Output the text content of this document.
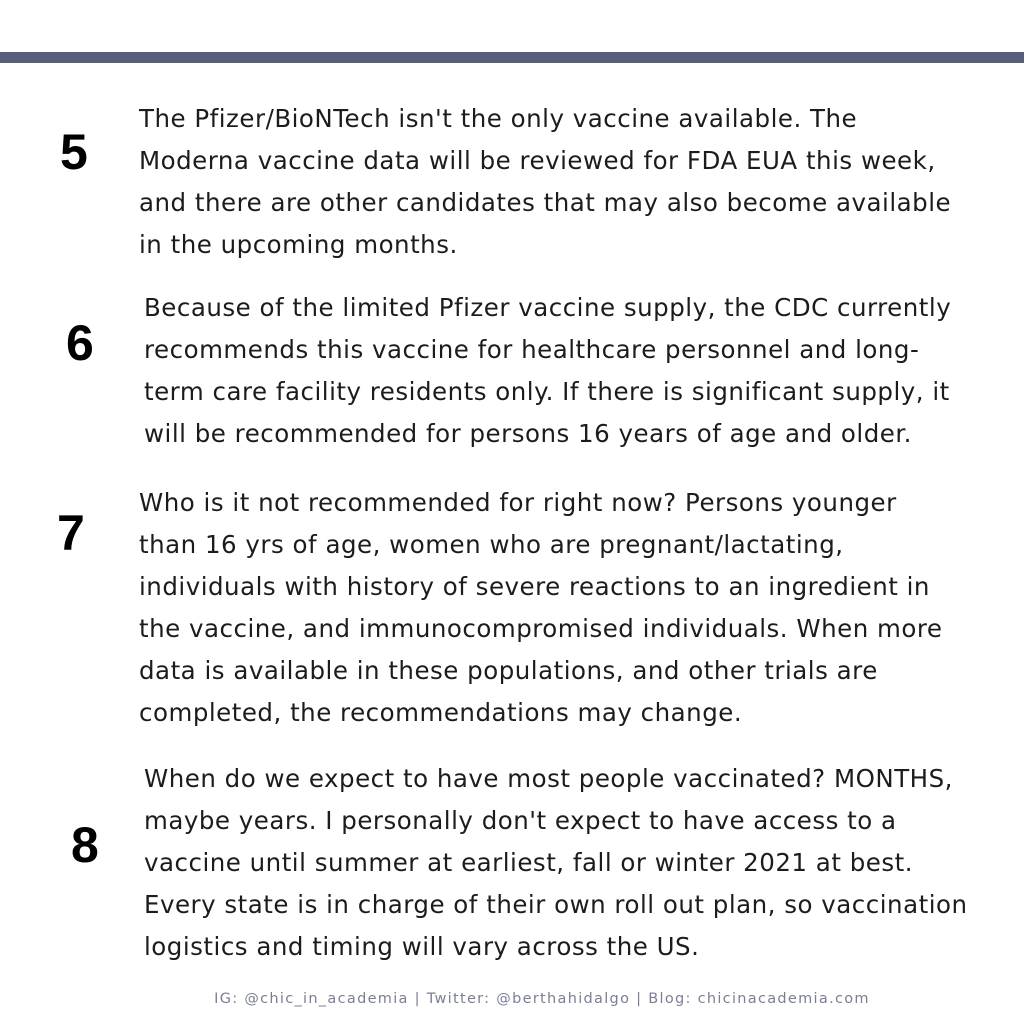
5
The Pfizer/BioNTech isn't the only vaccine available. The
Moderna vaccine data will be reviewed for FDA EUA this week,
and there are other candidates that may also become available
in the upcoming months.
6
Because of the limited Pfizer vaccine supply, the CDC currently
recommends this vaccine for healthcare personnel and long-
term care facility residents only. If there is significant supply, it
will be recommended for persons 16 years of age and older.
7
Who is it not recommended for right now? Persons younger
than 16 yrs of age, women who are pregnant/lactating,
individuals with history of severe reactions to an ingredient in
the vaccine, and immunocompromised individuals. When more
data is available in these populations, and other trials are
completed, the recommendations may change.
8
When do we expect to have most people vaccinated? MONTHS,
maybe years. I personally don't expect to have access to a
vaccine until summer at earliest, fall or winter 2021 at best.
Every state is in charge of their own roll out plan, so vaccination
logistics and timing will vary across the US.
IG: @chic_in_academia | Twitter: @berthahidalgo | Blog: chicinacademia.com
